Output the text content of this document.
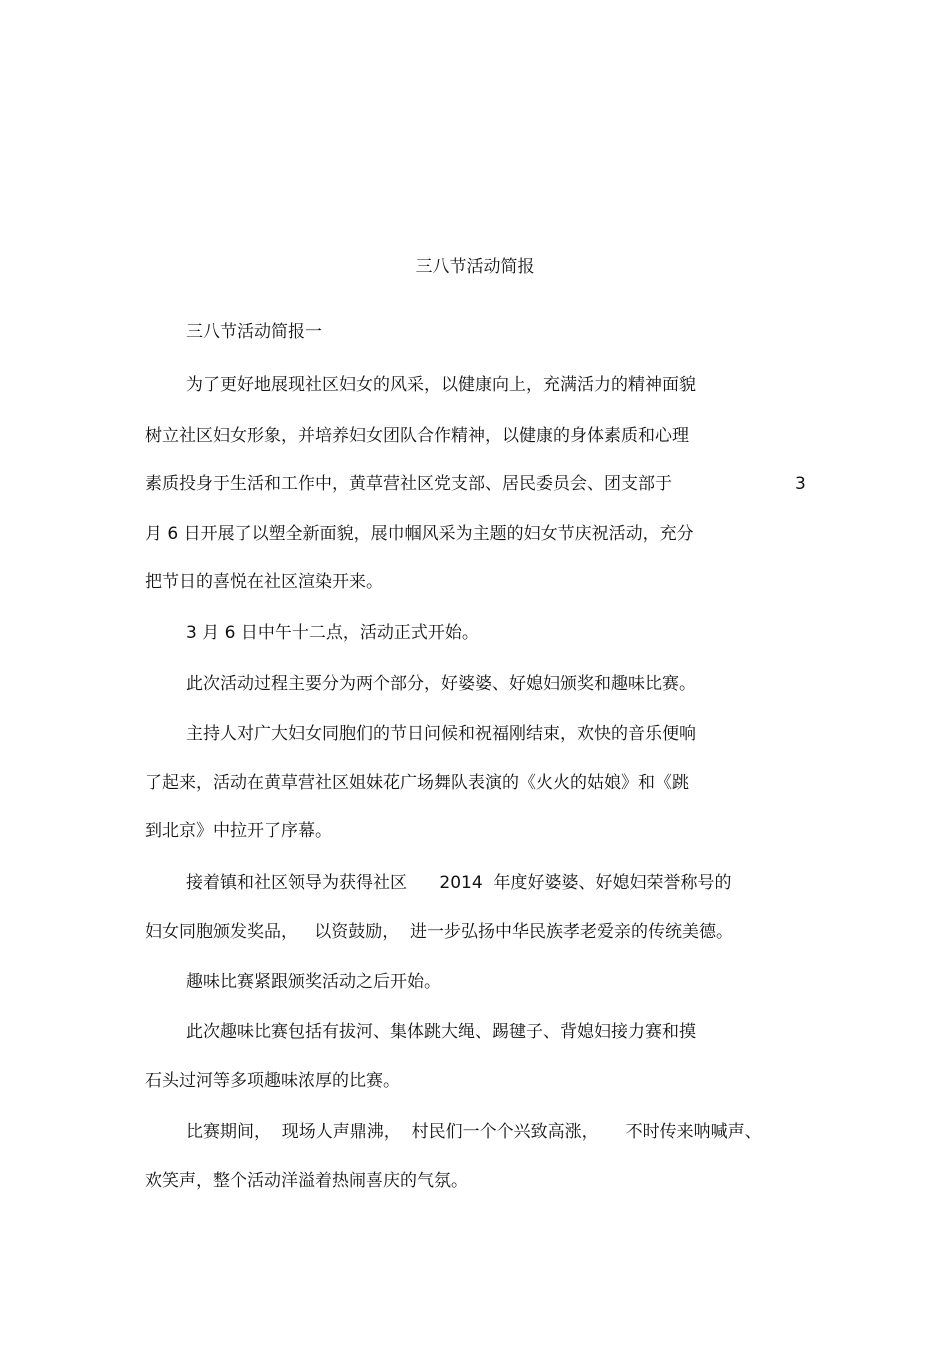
三八节活动简报
三八节活动简报一
为了更好地展现社区妇女的风采，以健康向上，充满活力的精神面貌
树立社区妇女形象，并培养妇女团队合作精神，以健康的身体素质和心理
素质投身于生活和工作中，黄草营社区党支部、居民委员会、团支部于	3
月 6 日开展了以塑全新面貌，展巾帼风采为主题的妇女节庆祝活动，充分
把节日的喜悦在社区渲染开来。
3 月 6 日中午十二点，活动正式开始。
此次活动过程主要分为两个部分，好婆婆、好媳妇颁奖和趣味比赛。
主持人对广大妇女同胞们的节日问候和祝福刚结束，欢快的音乐便响
了起来，活动在黄草营社区姐妹花广场舞队表演的《火火的姑娘》和《跳
到北京》中拉开了序幕。
接着镇和社区领导为获得社区      2014  年度好婆婆、好媳妇荣誉称号的
妇女同胞颁发奖品，   以资鼓励，  进一步弘扬中华民族孝老爱亲的传统美德。
趣味比赛紧跟颁奖活动之后开始。
此次趣味比赛包括有拔河、集体跳大绳、踢毽子、背媳妇接力赛和摸
石头过河等多项趣味浓厚的比赛。
比赛期间，  现场人声鼎沸，  村民们一个个兴致高涨，     不时传来呐喊声、
欢笑声，整个活动洋溢着热闹喜庆的气氛。
